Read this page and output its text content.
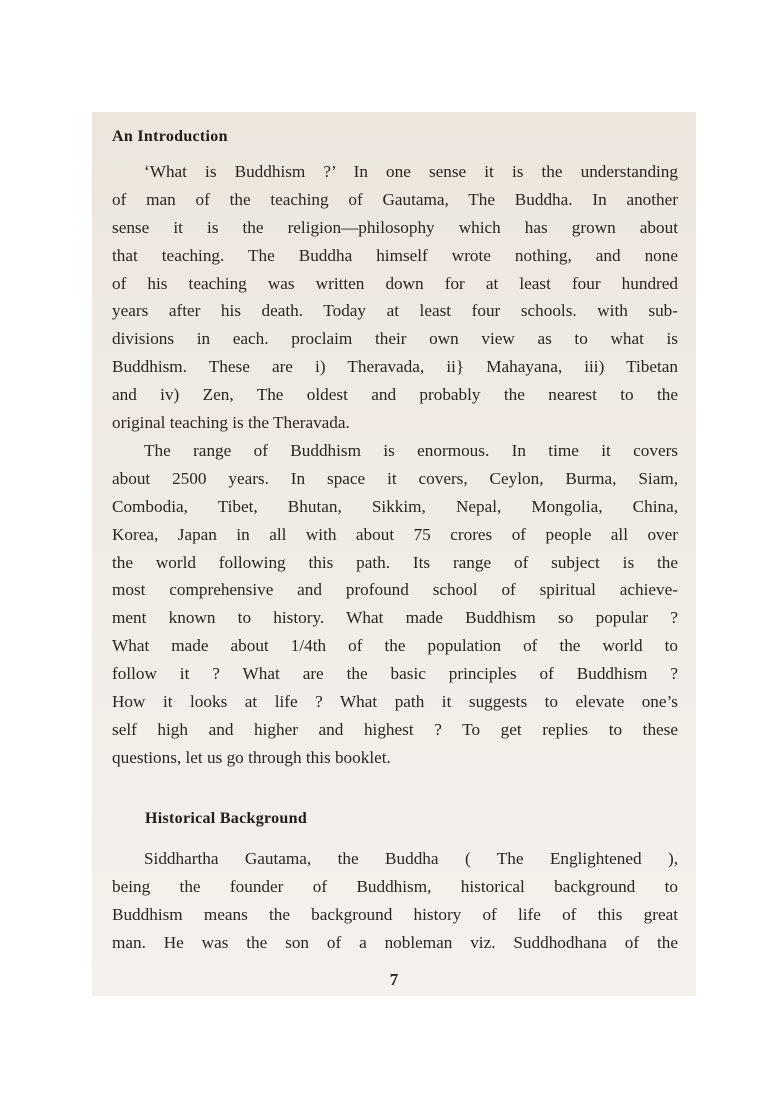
An Introduction
‘What is Buddhism ?’ In one sense it is the understanding
of man of the teaching of Gautama, The Buddha. In another
sense it is the religion—philosophy which has grown about
that teaching. The Buddha himself wrote nothing, and none
of his teaching was written down for at least four hundred
years after his death. Today at least four schools. with sub-
divisions in each. proclaim their own view as to what is
Buddhism. These are i) Theravada, ii} Mahayana, iii) Tibetan
and iv) Zen, The oldest and probably the nearest to the
original teaching is the Theravada.
The range of Buddhism is enormous. In time it covers
about 2500 years. In space it covers, Ceylon, Burma, Siam,
Combodia, Tibet, Bhutan, Sikkim, Nepal, Mongolia, China,
Korea, Japan in all with about 75 crores of people all over
the world following this path. Its range of subject is the
most comprehensive and profound school of spiritual achieve-
ment known to history. What made Buddhism so popular ?
What made about 1/4th of the population of the world to
follow it ? What are the basic principles of Buddhism ?
How it looks at life ? What path it suggests to elevate one’s
self high and higher and highest ? To get replies to these
questions, let us go through this booklet.
Historical Background
Siddhartha Gautama, the Buddha ( The Englightened ),
being the founder of Buddhism, historical background to
Buddhism means the background history of life of this great
man. He was the son of a nobleman viz. Suddhodhana of the
7
